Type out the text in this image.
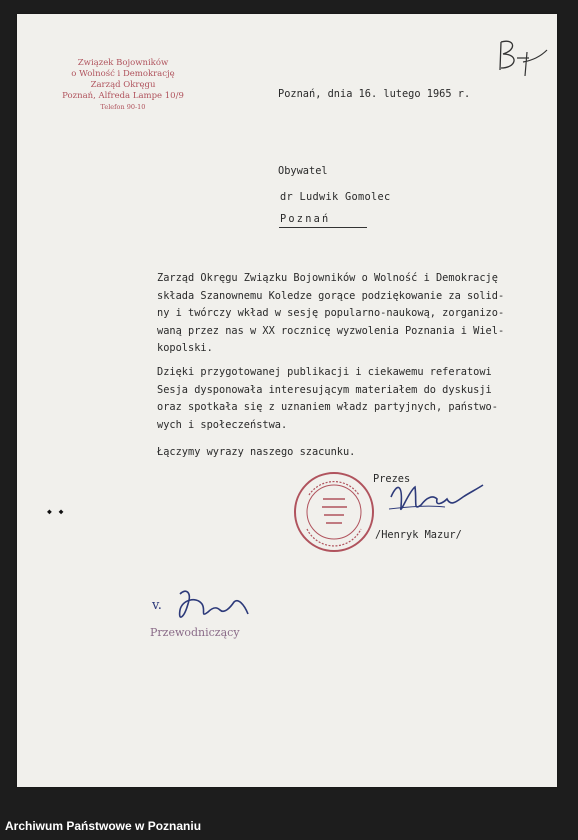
Związek Bojowników
o Wolność i Demokrację
Zarząd Okręgu
Poznań, Alfreda Lampe 10/9
Telefon 90-10
Poznań, dnia 16. lutego 1965 r.
Obywatel
dr Ludwik Gomolec
Poznań
Zarząd Okręgu Związku Bojowników o Wolność i Demokrację
składa Szanownemu Koledze gorące podziękowanie za solid-
ny i twórczy wkład w sesję popularno-naukową, zorganizo-
waną przez nas w XX rocznicę wyzwolenia Poznania i Wiel-
kopolski.
Dzięki przygotowanej publikacji i ciekawemu referatowi
Sesja dysponowała interesującym materiałem do dyskusji
oraz spotkała się z uznaniem władz partyjnych, państwo-
wych i społeczeństwa.
Łączymy wyrazy naszego szacunku.
Prezes
/Henryk Mazur/
v.
Przewodniczący
◆ ◆
Archiwum Państwowe w Poznaniu
